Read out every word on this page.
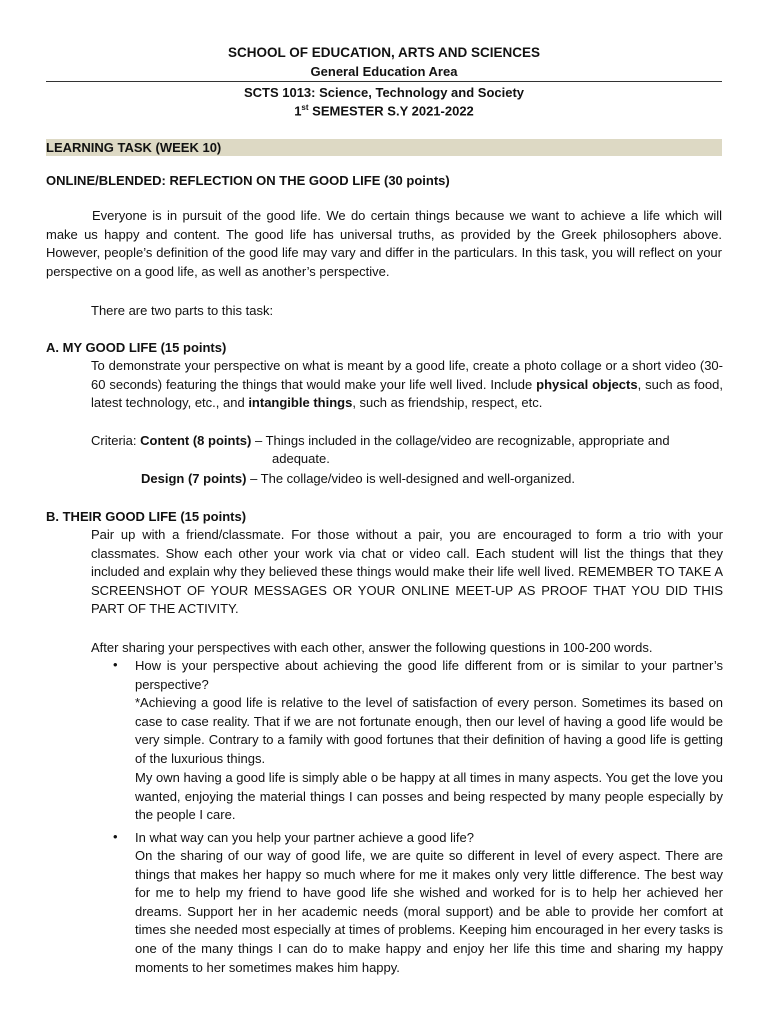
SCHOOL OF EDUCATION, ARTS AND SCIENCES
General Education Area
SCTS 1013: Science, Technology and Society
1st SEMESTER S.Y 2021-2022
LEARNING TASK (WEEK 10)
ONLINE/BLENDED: REFLECTION ON THE GOOD LIFE (30 points)
Everyone is in pursuit of the good life. We do certain things because we want to achieve a life which will make us happy and content. The good life has universal truths, as provided by the Greek philosophers above. However, people’s definition of the good life may vary and differ in the particulars. In this task, you will reflect on your perspective on a good life, as well as another’s perspective.
There are two parts to this task:
A. MY GOOD LIFE (15 points)
To demonstrate your perspective on what is meant by a good life, create a photo collage or a short video (30-60 seconds) featuring the things that would make your life well lived. Include physical objects, such as food, latest technology, etc., and intangible things, such as friendship, respect, etc.
Criteria: Content (8 points) – Things included in the collage/video are recognizable, appropriate and
adequate.
Design (7 points) – The collage/video is well-designed and well-organized.
B. THEIR GOOD LIFE (15 points)
Pair up with a friend/classmate. For those without a pair, you are encouraged to form a trio with your classmates. Show each other your work via chat or video call. Each student will list the things that they included and explain why they believed these things would make their life well lived. REMEMBER TO TAKE A SCREENSHOT OF YOUR MESSAGES OR YOUR ONLINE MEET-UP AS PROOF THAT YOU DID THIS PART OF THE ACTIVITY.
After sharing your perspectives with each other, answer the following questions in 100-200 words.
• How is your perspective about achieving the good life different from or is similar to your partner’s perspective?
*Achieving a good life is relative to the level of satisfaction of every person. Sometimes its based on case to case reality. That if we are not fortunate enough, then our level of having a good life would be very simple. Contrary to a family with good fortunes that their definition of having a good life is getting of the luxurious things.
My own having a good life is simply able o be happy at all times in many aspects. You get the love you wanted, enjoying the material things I can posses and being respected by many people especially by the people I care.
• In what way can you help your partner achieve a good life?
On the sharing of our way of good life, we are quite so different in level of every aspect. There are things that makes her happy so much where for me it makes only very little difference. The best way for me to help my friend to have good life she wished and worked for is to help her achieved her dreams. Support her in her academic needs (moral support) and be able to provide her comfort at times she needed most especially at times of problems. Keeping him encouraged in her every tasks is one of the many things I can do to make happy and enjoy her life this time and sharing my happy moments to her sometimes makes him happy.
